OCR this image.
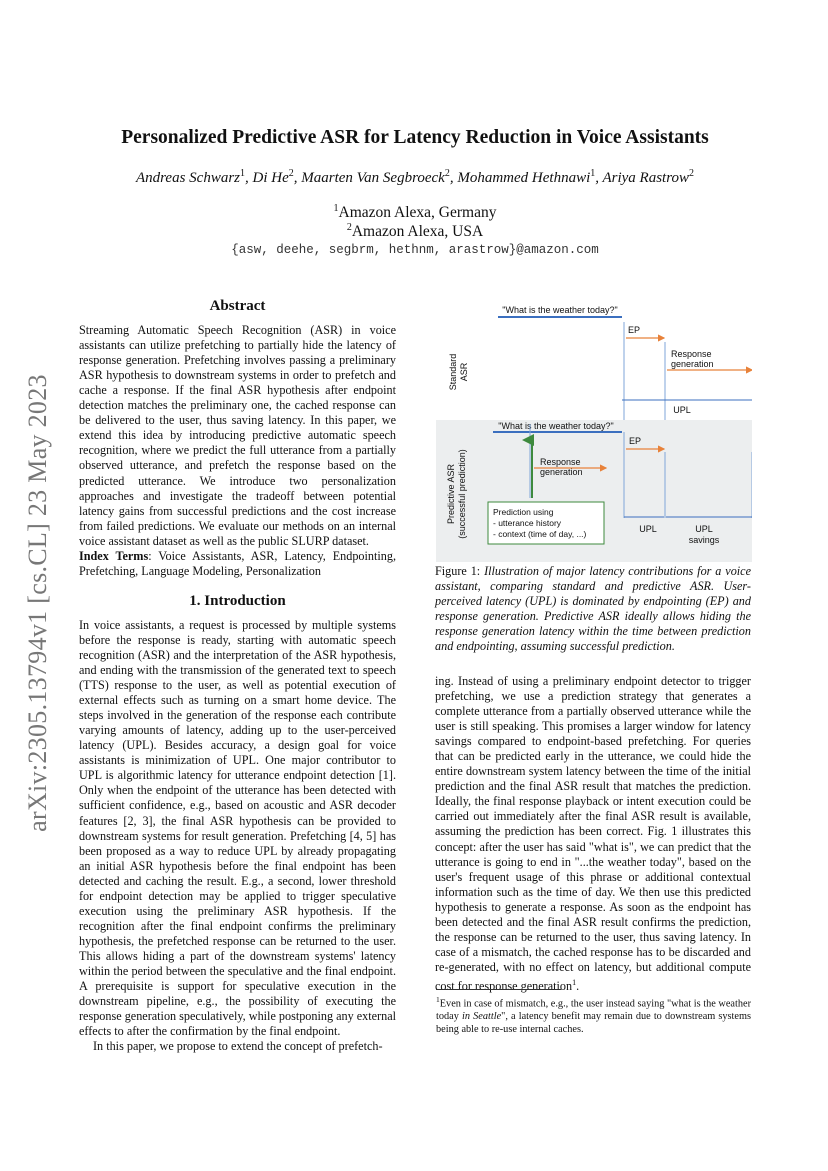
arXiv:2305.13794v1 [cs.CL] 23 May 2023
Personalized Predictive ASR for Latency Reduction in Voice Assistants
Andreas Schwarz$^1$, Di He$^2$, Maarten Van Segbroeck$^2$, Mohammed Hethnawi$^1$, Ariya Rastrow$^2$
$^1$Amazon Alexa, Germany
$^2$Amazon Alexa, USA
{asw, deehe, segbrm, hethnm, arastrow}@amazon.com
Abstract

Streaming Automatic Speech Recognition (ASR) in voice assistants can utilize prefetching to partially hide the latency of response generation. Prefetching involves passing a preliminary ASR hypothesis to downstream systems in order to prefetch and cache a response. If the final ASR hypothesis after endpoint detection matches the preliminary one, the cached response can be delivered to the user, thus saving latency. In this paper, we extend this idea by introducing predictive automatic speech recognition, where we predict the full utterance from a partially observed utterance, and prefetch the response based on the predicted utterance. We introduce two personalization approaches and investigate the tradeoff between potential latency gains from successful predictions and the cost increase from failed predictions. We evaluate our methods on an internal voice assistant dataset as well as the public SLURP dataset.

Index Terms: Voice Assistants, ASR, Latency, Endpointing, Prefetching, Language Modeling, Personalization

1. Introduction

In voice assistants, a request is processed by multiple systems before the response is ready, starting with automatic speech recognition (ASR) and the interpretation of the ASR hypothesis, and ending with the transmission of the generated text to speech (TTS) response to the user, as well as potential execution of external effects such as turning on a smart home device. The steps involved in the generation of the response each contribute varying amounts of latency, adding up to the user-perceived latency (UPL). Besides accuracy, a design goal for voice assistants is minimization of UPL. One major contributor to UPL is algorithmic latency for utterance endpoint detection [1]. Only when the endpoint of the utterance has been detected with sufficient confidence, e.g., based on acoustic and ASR decoder features [2, 3], the final ASR hypothesis can be provided to downstream systems for result generation. Prefetching [4, 5] has been proposed as a way to reduce UPL by already propagating an initial ASR hypothesis before the final endpoint has been detected and caching the result. E.g., a second, lower threshold for endpoint detection may be applied to trigger speculative execution using the preliminary ASR hypothesis. If the recognition after the final endpoint confirms the preliminary hypothesis, the prefetched response can be returned to the user. This allows hiding a part of the downstream systems' latency within the period between the speculative and the final endpoint. A prerequisite is support for speculative execution in the downstream pipeline, e.g., the possibility of executing the response generation speculatively, while postponing any external effects to after the confirmation by the final endpoint.

In this paper, we propose to extend the concept of prefetch-

StandardASR
"What is the weather today?"
EP
Response generation
UPL
Predictive ASR(successful prediction)
"What is the weather today?"
Response generation
EP
UPL	UPL savings
Prediction using - utterance history - context (time of day, ...)
Figure 1: Illustration of major latency contributions for a voice assistant, comparing standard and predictive ASR. User-perceived latency (UPL) is dominated by endpointing (EP) and response generation. Predictive ASR ideally allows hiding the response generation latency within the time between prediction and endpointing, assuming successful prediction.

ing. Instead of using a preliminary endpoint detector to trigger prefetching, we use a prediction strategy that generates a complete utterance from a partially observed utterance while the user is still speaking. This promises a larger window for latency savings compared to endpoint-based prefetching. For queries that can be predicted early in the utterance, we could hide the entire downstream system latency between the time of the initial prediction and the final ASR result that matches the prediction. Ideally, the final response playback or intent execution could be carried out immediately after the final ASR result is available, assuming the prediction has been correct. Fig. 1 illustrates this concept: after the user has said "what is", we can predict that the utterance is going to end in "...the weather today", based on the user's frequent usage of this phrase or additional contextual information such as the time of day. We then use this predicted hypothesis to generate a response. As soon as the endpoint has been detected and the final ASR result confirms the prediction, the response can be returned to the user, thus saving latency. In case of a mismatch, the cached response has to be discarded and re-generated, with no effect on latency, but additional compute cost for response generation$^1$.

$^1$Even in case of mismatch, e.g., the user instead saying "what is the weather today in Seattle", a latency benefit may remain due to downstream systems being able to re-use internal caches.
